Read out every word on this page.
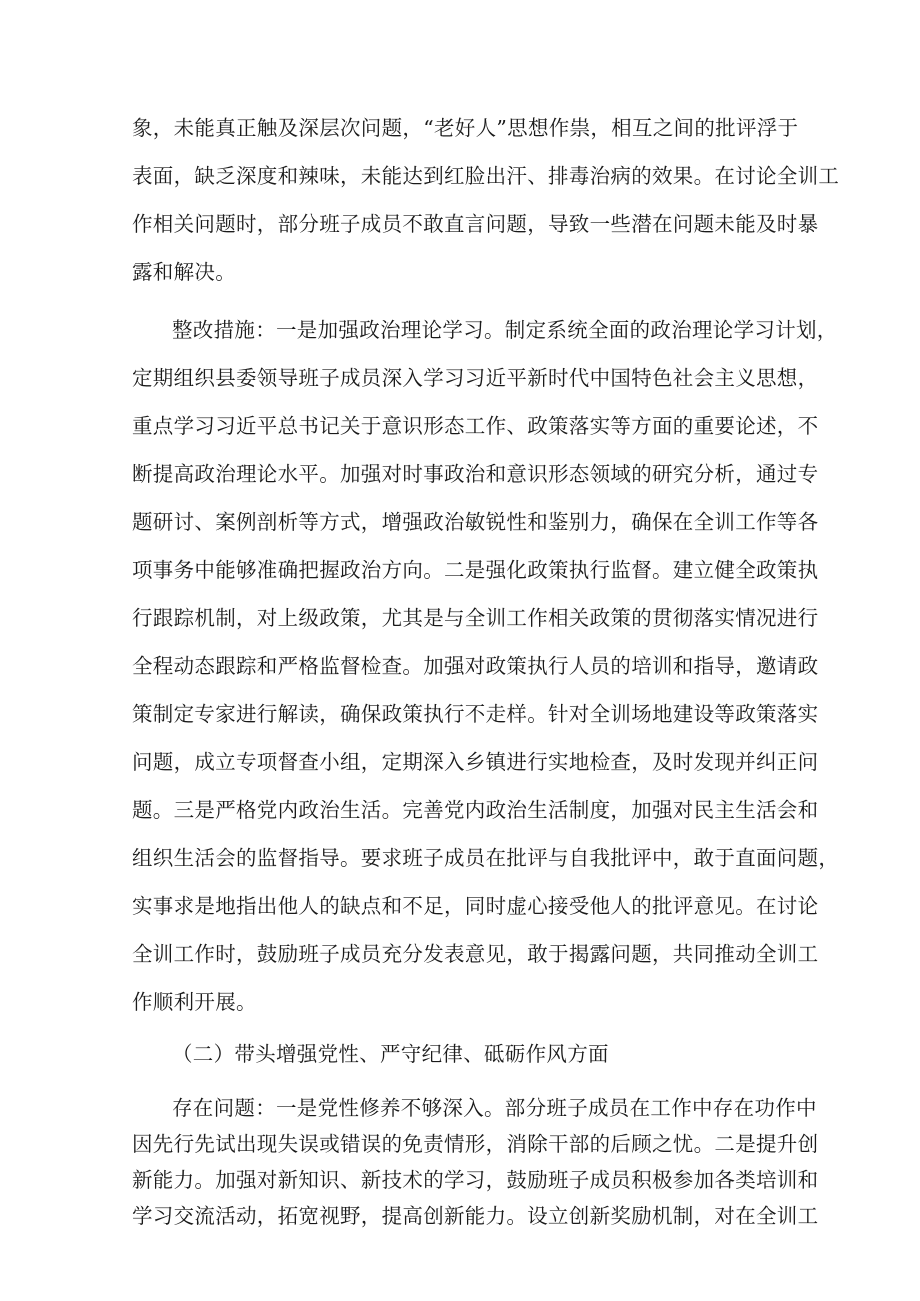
象，未能真正触及深层次问题，“老好人”思想作祟，相互之间的批评浮于
表面，缺乏深度和辣味，未能达到红脸出汗、排毒治病的效果。在讨论全训工
作相关问题时，部分班子成员不敢直言问题，导致一些潜在问题未能及时暴
露和解决。

整改措施：一是加强政治理论学习。制定系统全面的政治理论学习计划，
定期组织县委领导班子成员深入学习习近平新时代中国特色社会主义思想，
重点学习习近平总书记关于意识形态工作、政策落实等方面的重要论述，不
断提高政治理论水平。加强对时事政治和意识形态领域的研究分析，通过专
题研讨、案例剖析等方式，增强政治敏锐性和鉴别力，确保在全训工作等各
项事务中能够准确把握政治方向。二是强化政策执行监督。建立健全政策执
行跟踪机制，对上级政策，尤其是与全训工作相关政策的贯彻落实情况进行
全程动态跟踪和严格监督检查。加强对政策执行人员的培训和指导，邀请政
策制定专家进行解读，确保政策执行不走样。针对全训场地建设等政策落实
问题，成立专项督查小组，定期深入乡镇进行实地检查，及时发现并纠正问
题。三是严格党内政治生活。完善党内政治生活制度，加强对民主生活会和
组织生活会的监督指导。要求班子成员在批评与自我批评中，敢于直面问题，
实事求是地指出他人的缺点和不足，同时虚心接受他人的批评意见。在讨论
全训工作时，鼓励班子成员充分发表意见，敢于揭露问题，共同推动全训工
作顺利开展。

（二）带头增强党性、严守纪律、砥砺作风方面

存在问题：一是党性修养不够深入。部分班子成员在工作中存在功作中
因先行先试出现失误或错误的免责情形，消除干部的后顾之忧。二是提升创
新能力。加强对新知识、新技术的学习，鼓励班子成员积极参加各类培训和
学习交流活动，拓宽视野，提高创新能力。设立创新奖励机制，对在全训工
